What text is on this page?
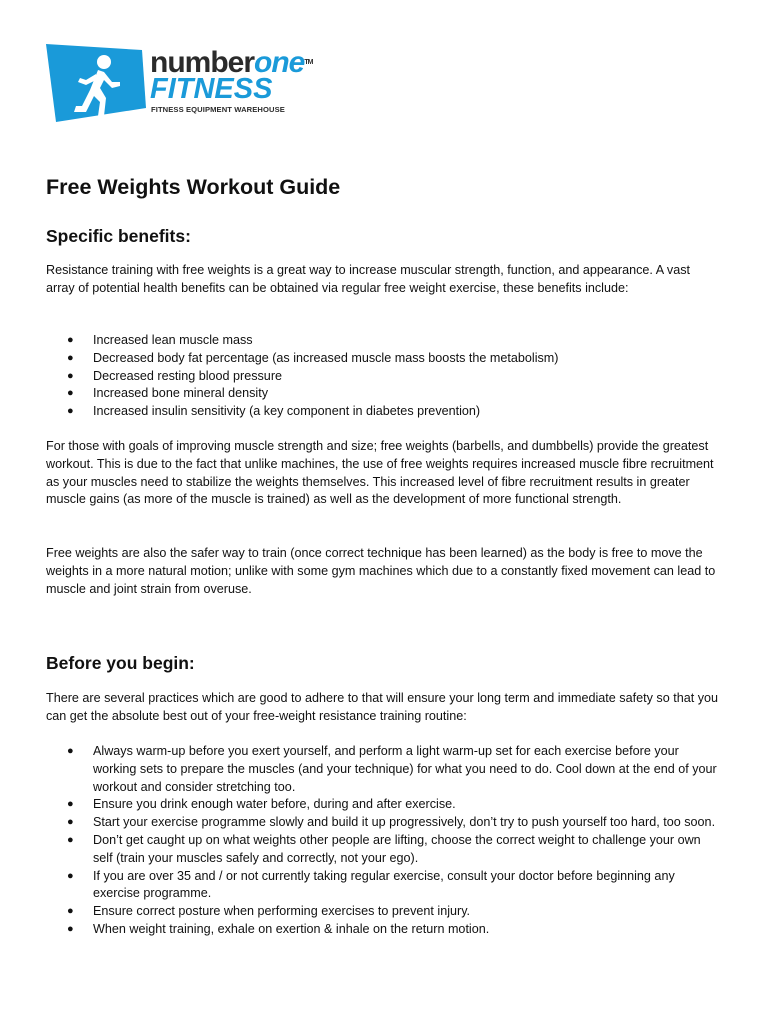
numberone™
FITNESS
FITNESS EQUIPMENT WAREHOUSE
Free Weights Workout Guide
Specific benefits:

Resistance training with free weights is a great way to increase muscular strength, function, and appearance. A vast array of potential health benefits can be obtained via regular free weight exercise, these benefits include:

● Increased lean muscle mass
● Decreased body fat percentage (as increased muscle mass boosts the metabolism)
● Decreased resting blood pressure
● Increased bone mineral density
● Increased insulin sensitivity (a key component in diabetes prevention)

For those with goals of improving muscle strength and size; free weights (barbells, and dumbbells) provide the greatest workout. This is due to the fact that unlike machines, the use of free weights requires increased muscle fibre recruitment as your muscles need to stabilize the weights themselves. This increased level of fibre recruitment results in greater muscle gains (as more of the muscle is trained) as well as the development of more functional strength.

Free weights are also the safer way to train (once correct technique has been learned) as the body is free to move the weights in a more natural motion; unlike with some gym machines which due to a constantly fixed movement can lead to muscle and joint strain from overuse.

Before you begin:

There are several practices which are good to adhere to that will ensure your long term and immediate safety so that you can get the absolute best out of your free-weight resistance training routine:

● Always warm-up before you exert yourself, and perform a light warm-up set for each exercise before your working sets to prepare the muscles (and your technique) for what you need to do. Cool down at the end of your workout and consider stretching too.
● Ensure you drink enough water before, during and after exercise.
● Start your exercise programme slowly and build it up progressively, don’t try to push yourself too hard, too soon.
● Don’t get caught up on what weights other people are lifting, choose the correct weight to challenge your own self (train your muscles safely and correctly, not your ego).
● If you are over 35 and / or not currently taking regular exercise, consult your doctor before beginning any exercise programme.
● Ensure correct posture when performing exercises to prevent injury.
● When weight training, exhale on exertion & inhale on the return motion.
